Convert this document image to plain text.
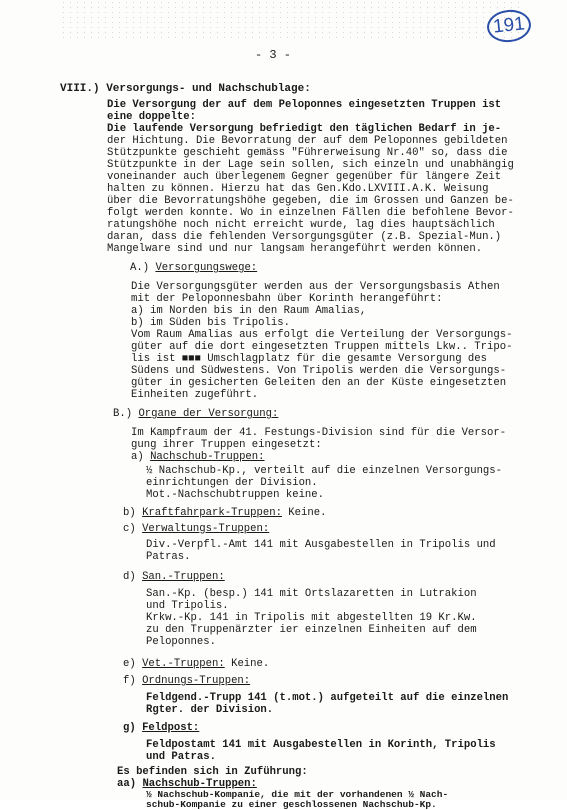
191
- 3 -
VIII.) Versorgungs- und Nachschublage:
Die Versorgung der auf dem Peloponnes eingesetzten Truppen ist
eine doppelte:
Die laufende Versorgung befriedigt den täglichen Bedarf in je-
der Hichtung. Die Bevorratung der auf dem Peloponnes gebildeten
Stützpunkte geschieht gemäss "Führerweisung Nr.40" so, dass die
Stützpunkte in der Lage sein sollen, sich einzeln und unabhängig
voneinander auch überlegenem Gegner gegenüber für längere Zeit
halten zu können. Hierzu hat das Gen.Kdo.LXVIII.A.K. Weisung
über die Bevorratungshöhe gegeben, die im Grossen und Ganzen be-
folgt werden konnte. Wo in einzelnen Fällen die befohlene Bevor-
ratungshöhe noch nicht erreicht wurde, lag dies hauptsächlich
daran, dass die fehlenden Versorgungsgüter (z.B. Spezial-Mun.)
Mangelware sind und nur langsam herangeführt werden können.
A.) Versorgungswege:
Die Versorgungsgüter werden aus der Versorgungsbasis Athen
mit der Peloponnesbahn über Korinth herangeführt:
a) im Norden bis in den Raum Amalias,
b) im Süden bis Tripolis.
Vom Raum Amalias aus erfolgt die Verteilung der Versorgungs-
güter auf die dort eingesetzten Truppen mittels Lkw.. Tripo-
lis ist ■■■ Umschlagplatz für die gesamte Versorgung des
Südens und Südwestens. Von Tripolis werden die Versorgungs-
güter in gesicherten Geleiten den an der Küste eingesetzten
Einheiten zugeführt.
B.) Organe der Versorgung:
Im Kampfraum der 41. Festungs-Division sind für die Versor-
gung ihrer Truppen eingesetzt:
a) Nachschub-Truppen:
½ Nachschub-Kp., verteilt auf die einzelnen Versorgungs-
einrichtungen der Division.
Mot.-Nachschubtruppen keine.
b) Kraftfahrpark-Truppen: Keine.
c) Verwaltungs-Truppen:
Div.-Verpfl.-Amt 141 mit Ausgabestellen in Tripolis und
Patras.
d) San.-Truppen:
San.-Kp. (besp.) 141 mit Ortslazaretten in Lutrakion
und Tripolis.
Krkw.-Kp. 141 in Tripolis mit abgestellten 19 Kr.Kw.
zu den Truppenärzter ier einzelnen Einheiten auf dem
Peloponnes.
e) Vet.-Truppen: Keine.
f) Ordnungs-Truppen:
Feldgend.-Trupp 141 (t.mot.) aufgeteilt auf die einzelnen
Rgter. der Division.
g) Feldpost:
Feldpostamt 141 mit Ausgabestellen in Korinth, Tripolis
und Patras.
Es befinden sich in Zuführung:
aa) Nachschub-Truppen:
½ Nachschub-Kompanie, die mit der vorhandenen ½ Nach-
schub-Kompanie zu einer geschlossenen Nachschub-Kp.
